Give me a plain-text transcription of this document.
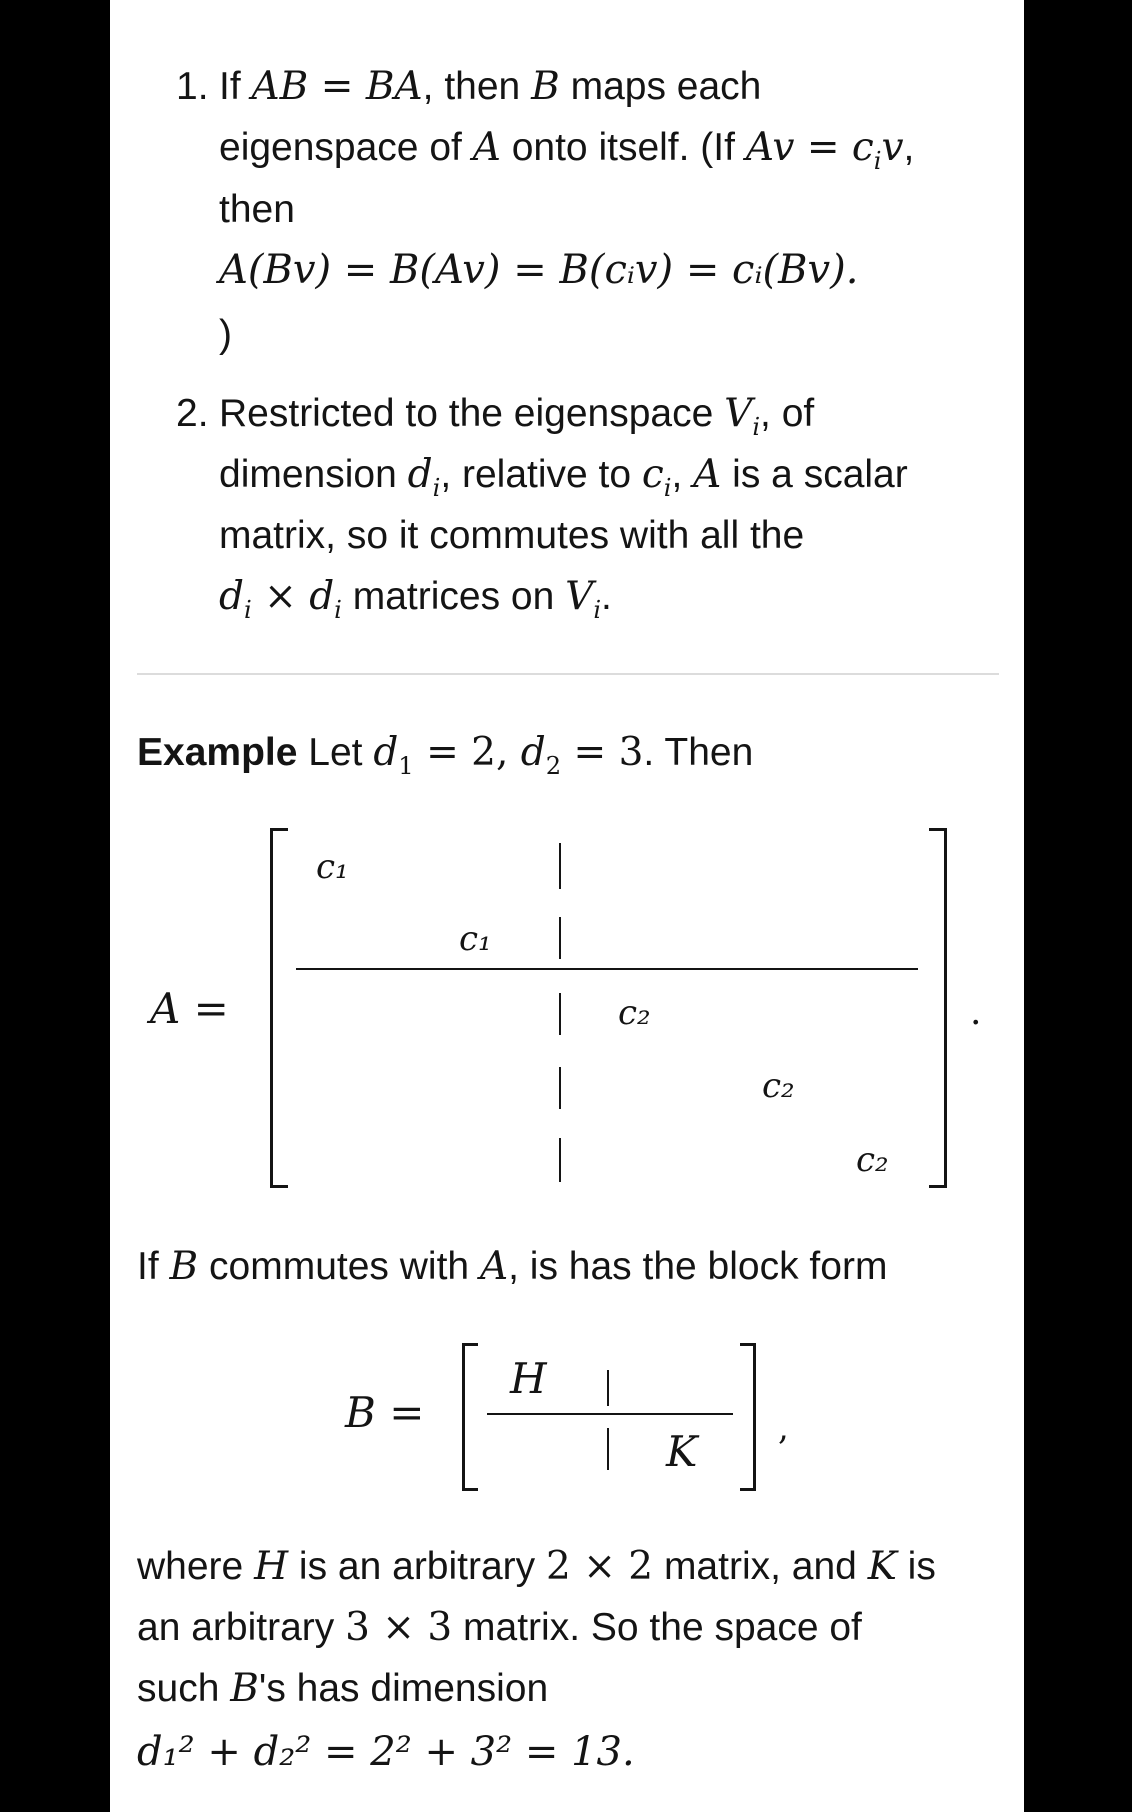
1. If AB = BA, then B maps each
eigenspace of A onto itself. (If $Av = c_iv$,
then
A(Bv) = B(Av) = B(cᵢv) = cᵢ(Bv).
)
2. Restricted to the eigenspace $V_i$, of
dimension $d_i$, relative to $c_i$, A is a scalar
matrix, so it commutes with all the
$d_i \times d_i$ matrices on $V_i$.
Example Let $d_1 = 2$, $d_2 = 3$. Then
A =
c₁
c₁
c₂
c₂
c₂
.
If B commutes with A, is has the block form
B =
H
K ,
where H is an arbitrary 2 × 2 matrix, and K is
an arbitrary 3 × 3 matrix. So the space of
such B's has dimension
d₁² + d₂² = 2² + 3² = 13.
